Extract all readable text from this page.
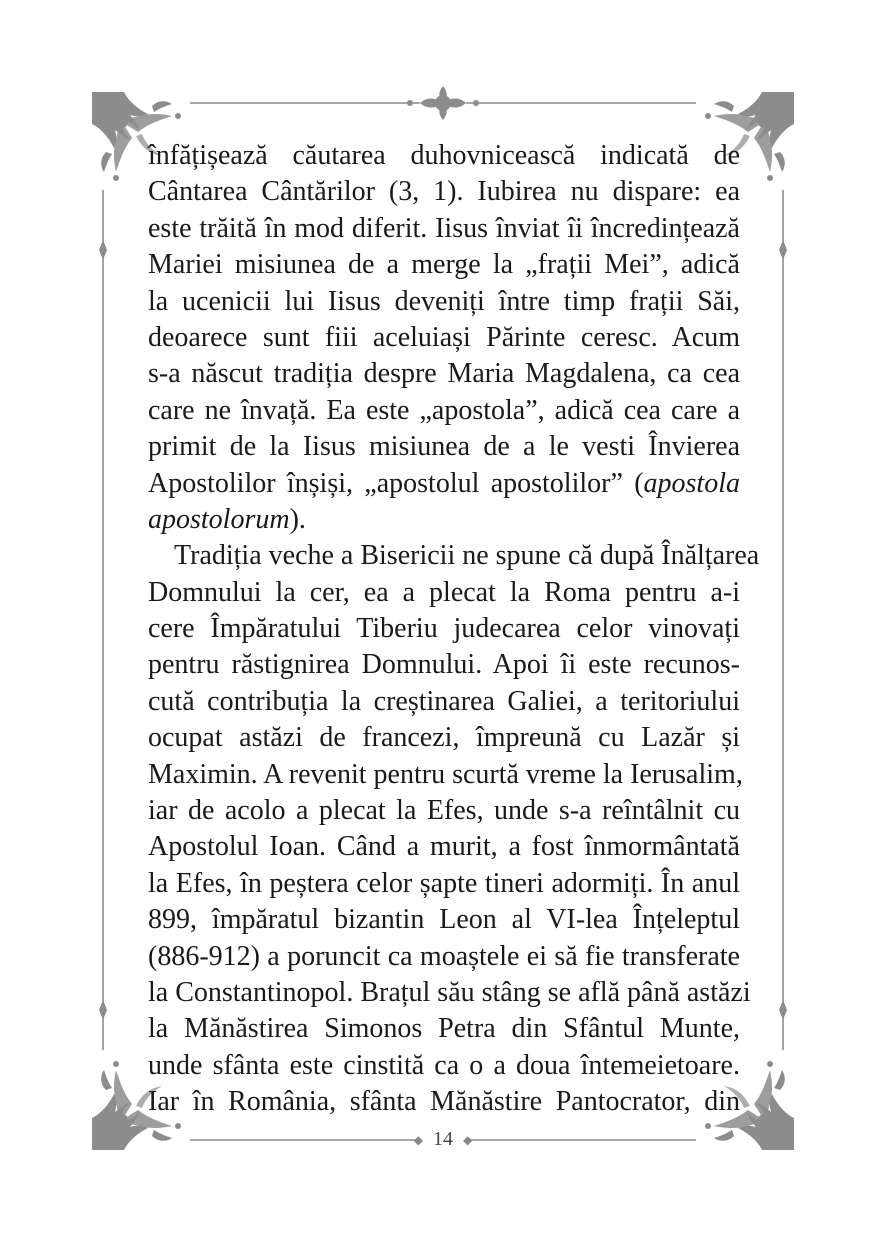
înfățișează căutarea duhovnicească indicată de
Cântarea Cântărilor (3, 1). Iubirea nu dispare: ea
este trăită în mod diferit. Iisus înviat îi încredințează
Mariei misiunea de a merge la „frații Mei”, adică
la ucenicii lui Iisus deveniți între timp frații Săi,
deoarece sunt fiii aceluiași Părinte ceresc. Acum
s-a născut tradiția despre Maria Magdalena, ca cea
care ne învață. Ea este „apostola”, adică cea care a
primit de la Iisus misiunea de a le vesti Învierea
Apostolilor înșiși, „apostolul apostolilor” (apostola
apostolorum).
Tradiția veche a Bisericii ne spune că după Înălțarea
Domnului la cer, ea a plecat la Roma pentru a-i
cere Împăratului Tiberiu judecarea celor vinovați
pentru răstignirea Domnului. Apoi îi este recunos-
cută contribuția la creștinarea Galiei, a teritoriului
ocupat astăzi de francezi, împreună cu Lazăr și
Maximin. A revenit pentru scurtă vreme la Ierusalim,
iar de acolo a plecat la Efes, unde s-a reîntâlnit cu
Apostolul Ioan. Când a murit, a fost înmormântată
la Efes, în peștera celor șapte tineri adormiți. În anul
899, împăratul bizantin Leon al VI-lea Înțeleptul
(886-912) a poruncit ca moaștele ei să fie transferate
la Constantinopol. Brațul său stâng se află până astăzi
la Mănăstirea Simonos Petra din Sfântul Munte,
unde sfânta este cinstită ca o a doua întemeietoare.
Iar în România, sfânta Mănăstire Pantocrator, din
◆ 14 ◆
